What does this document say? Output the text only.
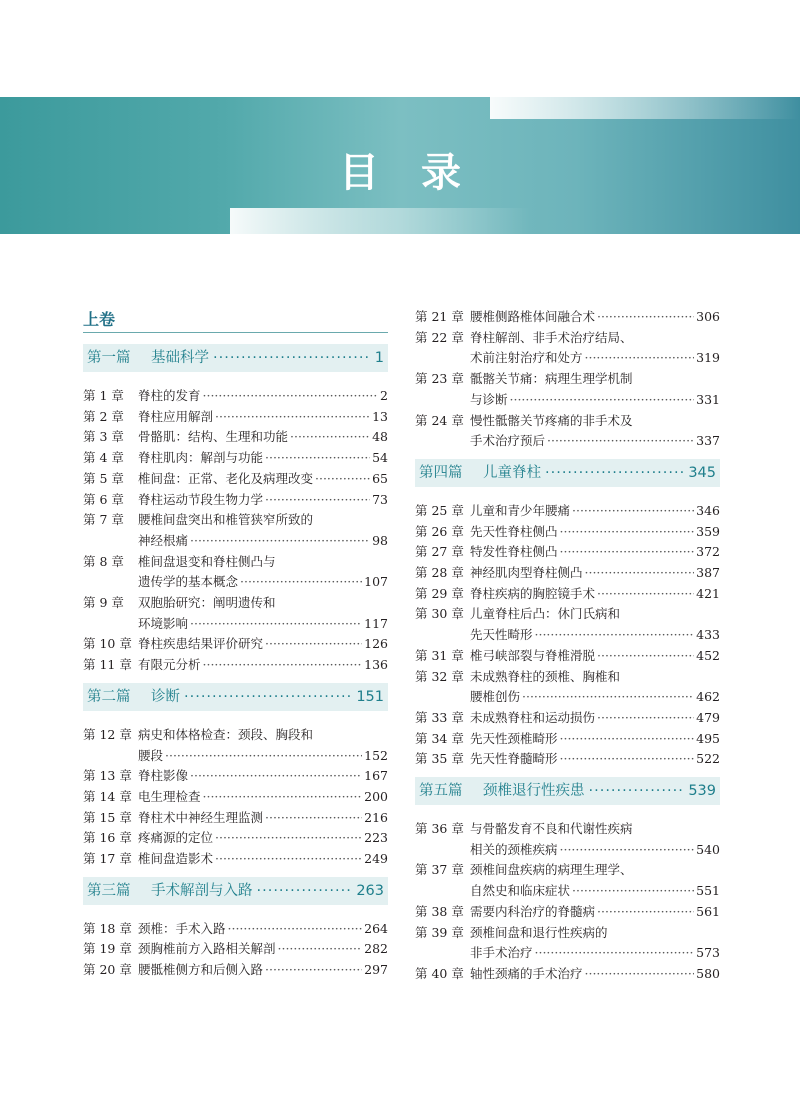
目录
上卷
第一篇	基础科学 ·····	1
第 1 章	脊柱的发育 ·····	2
第 2 章	脊柱应用解剖 ·····	13
第 3 章	骨骼肌：结构、生理和功能 ·····	48
第 4 章	脊柱肌肉：解剖与功能 ·····	54
第 5 章	椎间盘：正常、老化及病理改变 ·····	65
第 6 章	脊柱运动节段生物力学 ·····	73
第 7 章	腰椎间盘突出和椎管狭窄所致的
神经根痛 ·····	98
第 8 章	椎间盘退变和脊柱侧凸与
遗传学的基本概念 ·····	107
第 9 章	双胞胎研究：阐明遗传和
环境影响 ·····	117
第 10 章 脊柱疾患结果评价研究 ·····	126
第 11 章 有限元分析 ·····	136
第二篇	诊断 ·····	151
第 12 章 病史和体格检查：颈段、胸段和
腰段 ·····	152
第 13 章 脊柱影像 ·····	167
第 14 章 电生理检查 ·····	200
第 15 章 脊柱术中神经生理监测 ·····	216
第 16 章 疼痛源的定位 ·····	223
第 17 章 椎间盘造影术 ·····	249
第三篇	手术解剖与入路 ·····	263
第 18 章 颈椎：手术入路 ·····	264
第 19 章 颈胸椎前方入路相关解剖 ·····	282
第 20 章 腰骶椎侧方和后侧入路 ·····	297
第 21 章 腰椎侧路椎体间融合术 ·····	306
第 22 章 脊柱解剖、非手术治疗结局、
术前注射治疗和处方 ·····	319
第 23 章 骶髂关节痛：病理生理学机制
与诊断 ·····	331
第 24 章 慢性骶髂关节疼痛的非手术及
手术治疗预后 ·····	337
第四篇	儿童脊柱 ·····	345
第 25 章 儿童和青少年腰痛 ·····	346
第 26 章 先天性脊柱侧凸 ·····	359
第 27 章 特发性脊柱侧凸 ·····	372
第 28 章 神经肌肉型脊柱侧凸 ·····	387
第 29 章 脊柱疾病的胸腔镜手术 ·····	421
第 30 章 儿童脊柱后凸：休门氏病和
先天性畸形 ·····	433
第 31 章 椎弓峡部裂与脊椎滑脱 ·····	452
第 32 章 未成熟脊柱的颈椎、胸椎和
腰椎创伤 ·····	462
第 33 章 未成熟脊柱和运动损伤 ·····	479
第 34 章 先天性颈椎畸形 ·····	495
第 35 章 先天性脊髓畸形 ·····	522
第五篇	颈椎退行性疾患 ·····	539
第 36 章 与骨骼发育不良和代谢性疾病
相关的颈椎疾病 ·····	540
第 37 章 颈椎间盘疾病的病理生理学、
自然史和临床症状 ·····	551
第 38 章 需要内科治疗的脊髓病 ·····	561
第 39 章 颈椎间盘和退行性疾病的
非手术治疗 ·····	573
第 40 章 轴性颈痛的手术治疗 ·····	580
